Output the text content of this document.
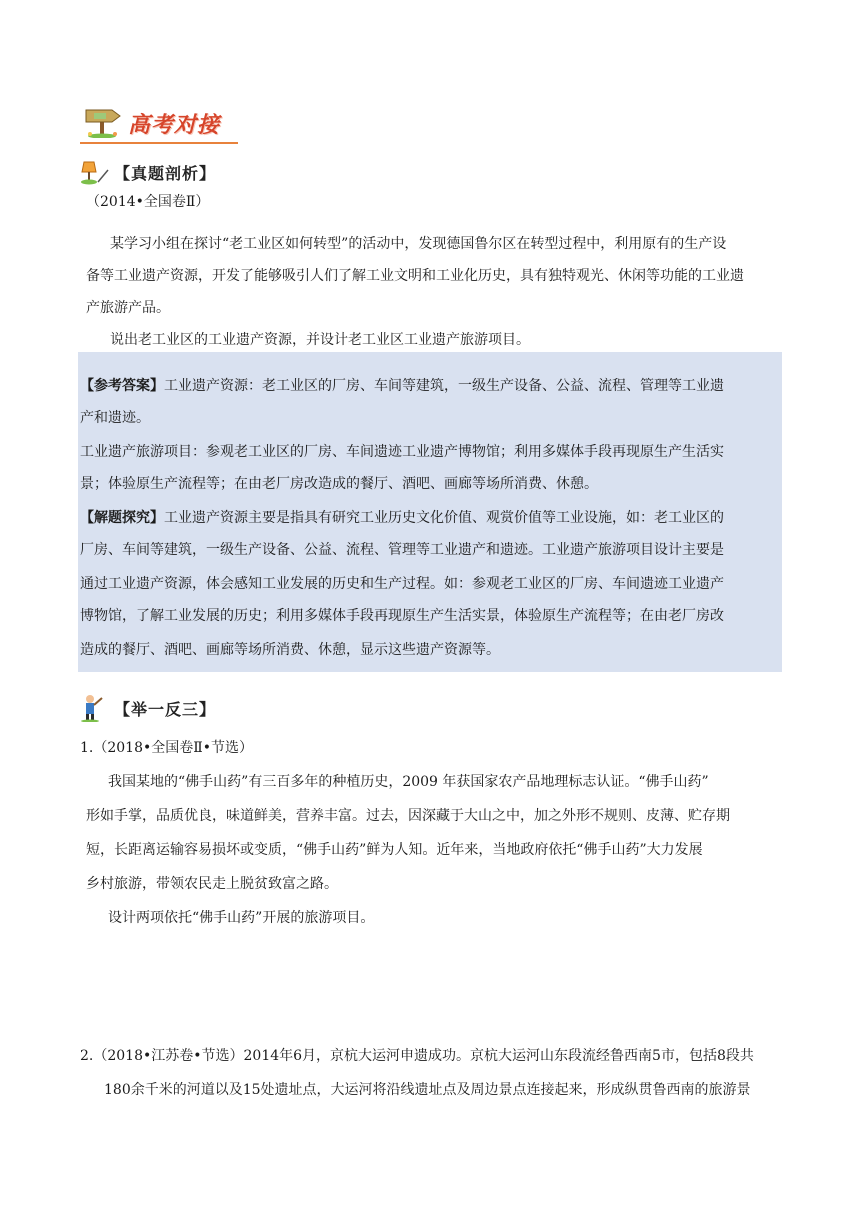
高考对接
【真题剖析】
（2014•全国卷Ⅱ）
某学习小组在探讨“老工业区如何转型”的活动中，发现德国鲁尔区在转型过程中，利用原有的生产设
备等工业遗产资源，开发了能够吸引人们了解工业文明和工业化历史，具有独特观光、休闲等功能的工业遗
产旅游产品。
说出老工业区的工业遗产资源，并设计老工业区工业遗产旅游项目。
【参考答案】工业遗产资源：老工业区的厂房、车间等建筑，一级生产设备、公益、流程、管理等工业遗
产和遗迹。
工业遗产旅游项目：参观老工业区的厂房、车间遗迹工业遗产博物馆；利用多媒体手段再现原生产生活实
景；体验原生产流程等；在由老厂房改造成的餐厅、酒吧、画廊等场所消费、休憩。
【解题探究】工业遗产资源主要是指具有研究工业历史文化价值、观赏价值等工业设施，如：老工业区的
厂房、车间等建筑，一级生产设备、公益、流程、管理等工业遗产和遗迹。工业遗产旅游项目设计主要是
通过工业遗产资源，体会感知工业发展的历史和生产过程。如：参观老工业区的厂房、车间遗迹工业遗产
博物馆，了解工业发展的历史；利用多媒体手段再现原生产生活实景，体验原生产流程等；在由老厂房改
造成的餐厅、酒吧、画廊等场所消费、休憩，显示这些遗产资源等。
【举一反三】
1.（2018•全国卷Ⅱ•节选）
我国某地的“佛手山药”有三百多年的种植历史，2009 年获国家农产品地理标志认证。“佛手山药”
形如手掌，品质优良，味道鲜美，营养丰富。过去，因深藏于大山之中，加之外形不规则、皮薄、贮存期
短，长距离运输容易损坏或变质，“佛手山药”鲜为人知。近年来，当地政府依托“佛手山药”大力发展
乡村旅游，带领农民走上脱贫致富之路。
设计两项依托“佛手山药”开展的旅游项目。
2.（2018•江苏卷•节选）2014年6月，京杭大运河申遗成功。京杭大运河山东段流经鲁西南5市，包括8段共
180余千米的河道以及15处遗址点，大运河将沿线遗址点及周边景点连接起来，形成纵贯鲁西南的旅游景
